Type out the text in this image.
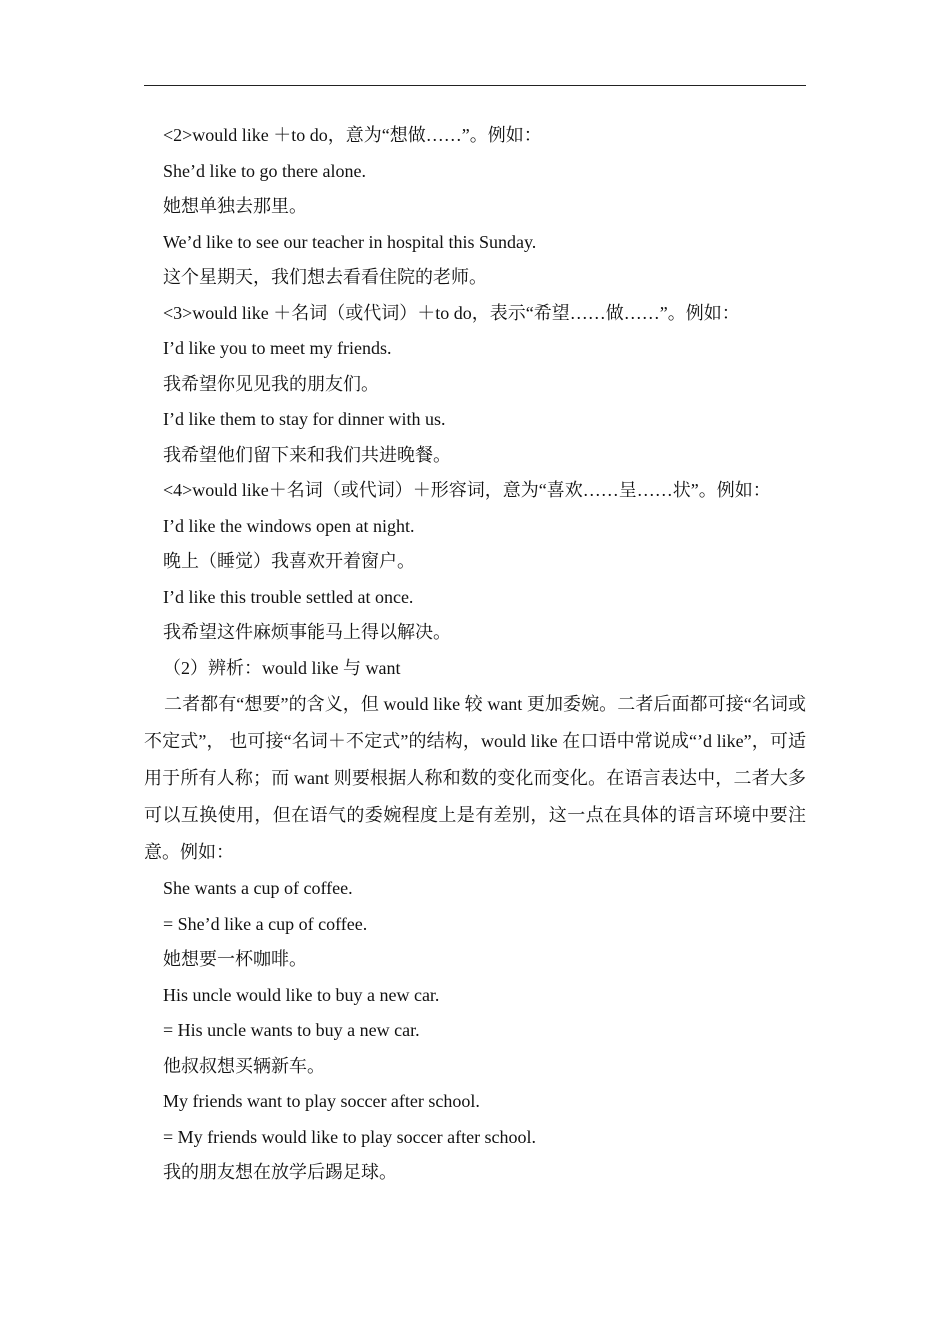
<2>would like ＋to do，意为“想做……”。例如：
She’d like to go there alone.
她想单独去那里。
We’d like to see our teacher in hospital this Sunday.
这个星期天，我们想去看看住院的老师。
<3>would like ＋名词（或代词）＋to do，表示“希望……做……”。例如：
I’d like you to meet my friends.
我希望你见见我的朋友们。
I’d like them to stay for dinner with us.
我希望他们留下来和我们共进晚餐。
<4>would like＋名词（或代词）＋形容词，意为“喜欢……呈……状”。例如：
I’d like the windows open at night.
晚上（睡觉）我喜欢开着窗户。
I’d like this trouble settled at once.
我希望这件麻烦事能马上得以解决。
（2）辨析：would like 与 want

二者都有“想要”的含义，但 would like 较 want 更加委婉。二者后面都可接“名词或不定式”， 也可接“名词＋不定式”的结构，would like 在口语中常说成“’d like”，可适用于所有人称；而 want 则要根据人称和数的变化而变化。在语言表达中，二者大多可以互换使用，但在语气的委婉程度上是有差别，这一点在具体的语言环境中要注意。例如：

She wants a cup of coffee.
= She’d like a cup of coffee.
她想要一杯咖啡。
His uncle would like to buy a new car.
= His uncle wants to buy a new car.
他叔叔想买辆新车。
My friends want to play soccer after school.
= My friends would like to play soccer after school.
我的朋友想在放学后踢足球。
